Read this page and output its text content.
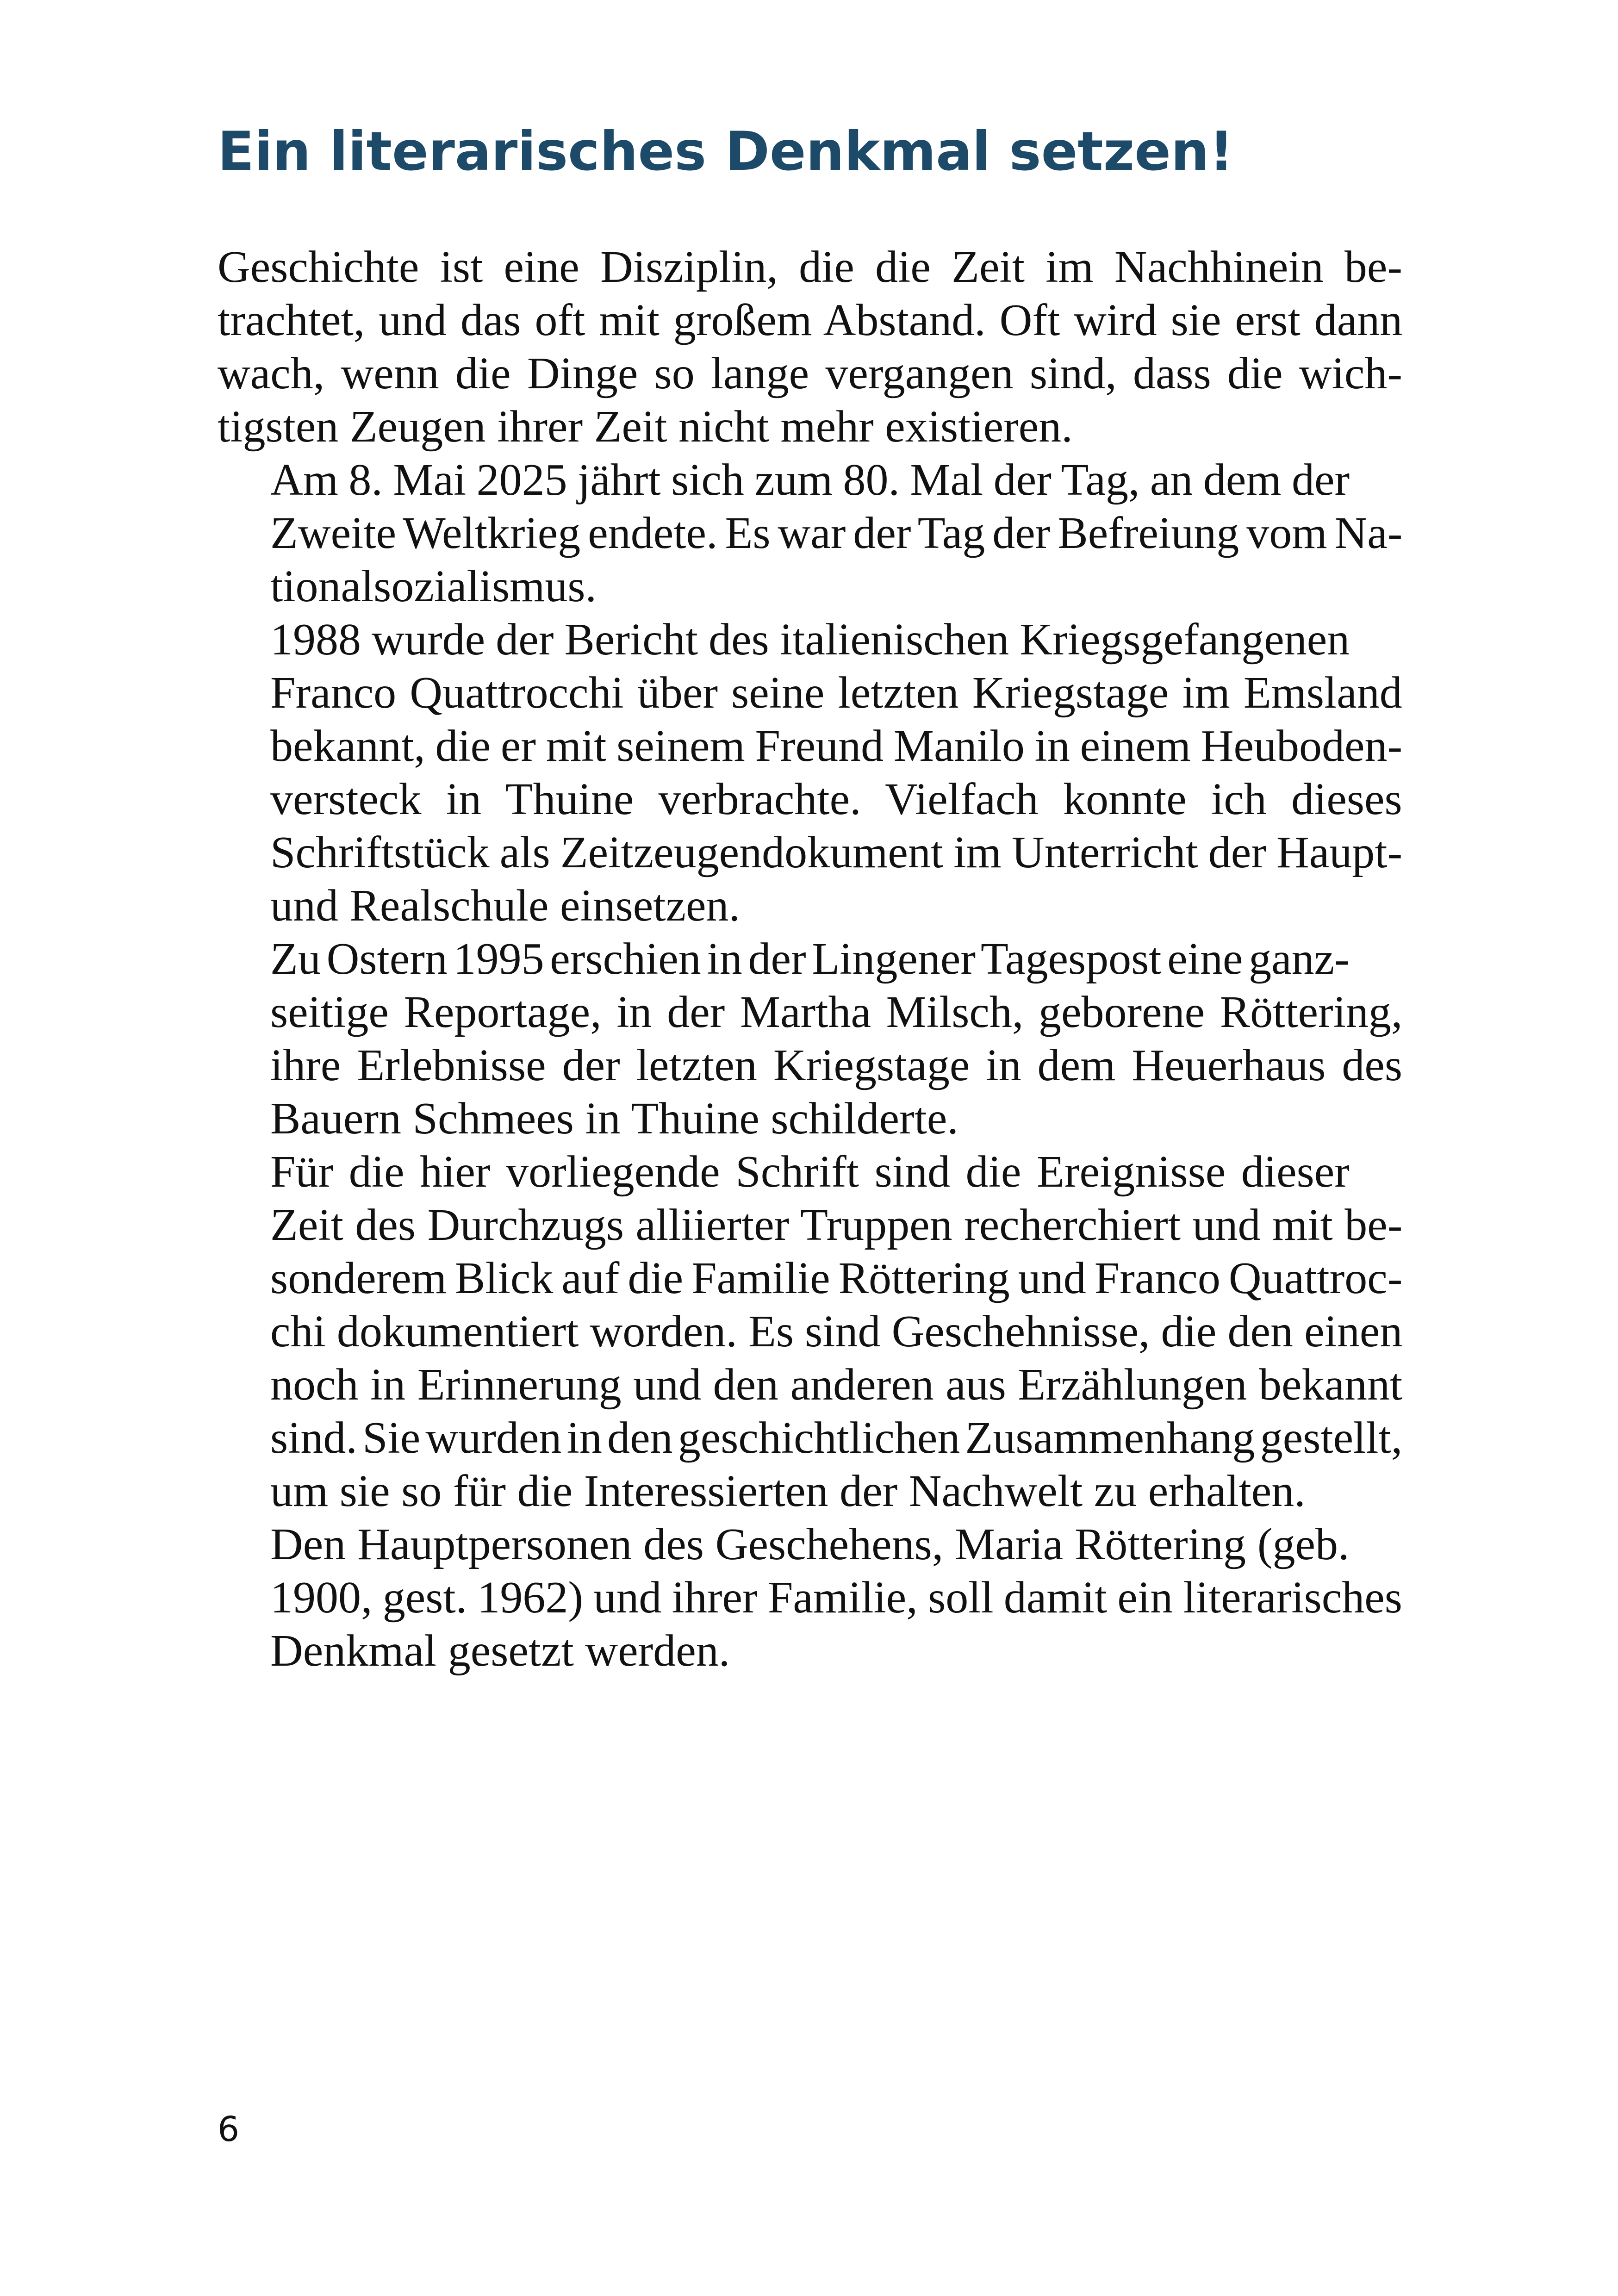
Ein literarisches Denkmal setzen!

Geschichte ist eine Disziplin, die die Zeit im Nachhinein be-
trachtet, und das oft mit großem Abstand. Oft wird sie erst dann
wach, wenn die Dinge so lange vergangen sind, dass die wich-
tigsten Zeugen ihrer Zeit nicht mehr existieren.

Am 8. Mai 2025 jährt sich zum 80. Mal der Tag, an dem der
Zweite Weltkrieg endete. Es war der Tag der Befreiung vom Na-
tionalsozialismus.

1988 wurde der Bericht des italienischen Kriegsgefangenen
Franco Quattrocchi über seine letzten Kriegstage im Emsland
bekannt, die er mit seinem Freund Manilo in einem Heuboden-
versteck in Thuine verbrachte. Vielfach konnte ich dieses
Schriftstück als Zeitzeugendokument im Unterricht der Haupt-
und Realschule einsetzen.

Zu Ostern 1995 erschien in der Lingener Tagespost eine ganz-
seitige Reportage, in der Martha Milsch, geborene Röttering,
ihre Erlebnisse der letzten Kriegstage in dem Heuerhaus des
Bauern Schmees in Thuine schilderte.

Für die hier vorliegende Schrift sind die Ereignisse dieser
Zeit des Durchzugs alliierter Truppen recherchiert und mit be-
sonderem Blick auf die Familie Röttering und Franco Quattroc-
chi dokumentiert worden. Es sind Geschehnisse, die den einen
noch in Erinnerung und den anderen aus Erzählungen bekannt
sind. Sie wurden in den geschichtlichen Zusammenhang gestellt,
um sie so für die Interessierten der Nachwelt zu erhalten.

Den Hauptpersonen des Geschehens, Maria Röttering (geb.
1900, gest. 1962) und ihrer Familie, soll damit ein literarisches
Denkmal gesetzt werden.

6
